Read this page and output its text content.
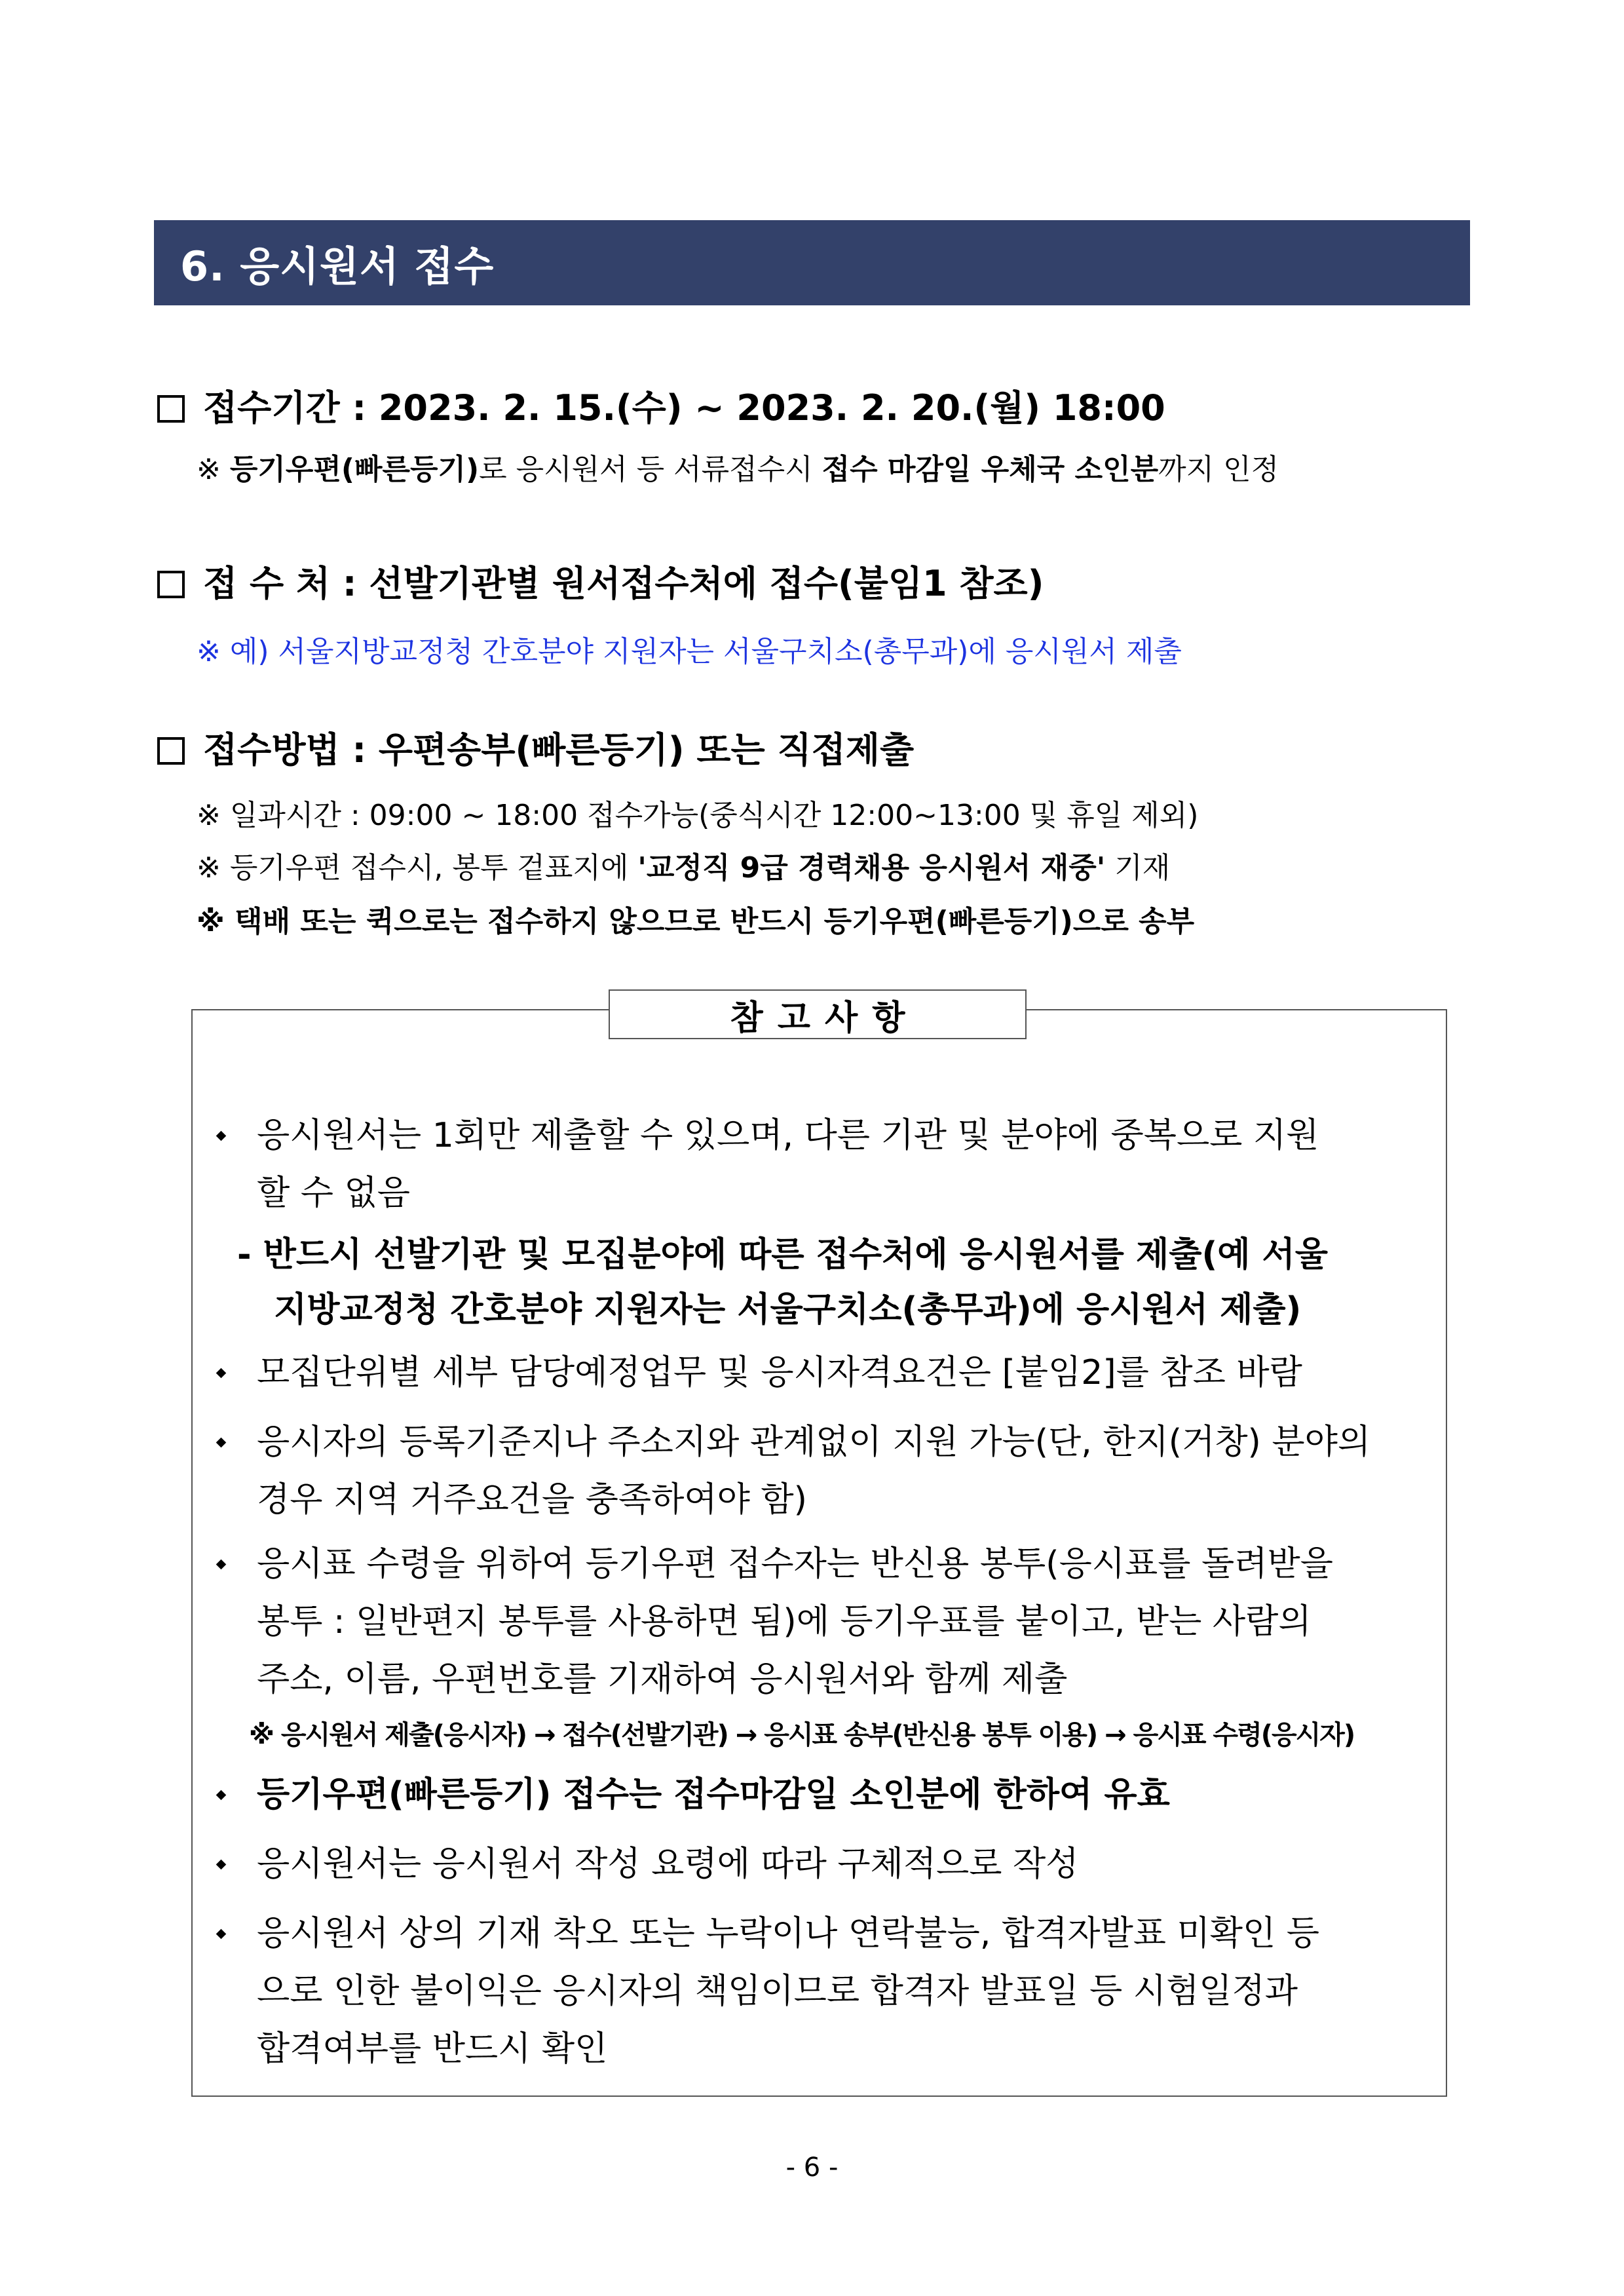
6. 응시원서 접수
접수기간 : 2023. 2. 15.(수) ~ 2023. 2. 20.(월) 18:00
※ 등기우편(빠른등기)로 응시원서 등 서류접수시 접수 마감일 우체국 소인분까지 인정
접 수 처 : 선발기관별 원서접수처에 접수(붙임1 참조)
※ 예) 서울지방교정청 간호분야 지원자는 서울구치소(총무과)에 응시원서 제출
접수방법 : 우편송부(빠른등기) 또는 직접제출
※ 일과시간 : 09:00 ~ 18:00 접수가능(중식시간 12:00~13:00 및 휴일 제외)
※ 등기우편 접수시, 봉투 겉표지에 '교정직 9급 경력채용 응시원서 재중' 기재
※ 택배 또는 퀵으로는 접수하지 않으므로 반드시 등기우편(빠른등기)으로 송부
참고사항
응시원서는 1회만 제출할 수 있으며, 다른 기관 및 분야에 중복으로 지원
할 수 없음
- 반드시 선발기관 및 모집분야에 따른 접수처에 응시원서를 제출(예 서울
지방교정청 간호분야 지원자는 서울구치소(총무과)에 응시원서 제출)
모집단위별 세부 담당예정업무 및 응시자격요건은 [붙임2]를 참조 바람
응시자의 등록기준지나 주소지와 관계없이 지원 가능(단, 한지(거창) 분야의
경우 지역 거주요건을 충족하여야 함)
응시표 수령을 위하여 등기우편 접수자는 반신용 봉투(응시표를 돌려받을
봉투 : 일반편지 봉투를 사용하면 됨)에 등기우표를 붙이고, 받는 사람의
주소, 이름, 우편번호를 기재하여 응시원서와 함께 제출
※ 응시원서 제출(응시자) → 접수(선발기관) → 응시표 송부(반신용 봉투 이용) → 응시표 수령(응시자)
등기우편(빠른등기) 접수는 접수마감일 소인분에 한하여 유효
응시원서는 응시원서 작성 요령에 따라 구체적으로 작성
응시원서 상의 기재 착오 또는 누락이나 연락불능, 합격자발표 미확인 등
으로 인한 불이익은 응시자의 책임이므로 합격자 발표일 등 시험일정과
합격여부를 반드시 확인
- 6 -
